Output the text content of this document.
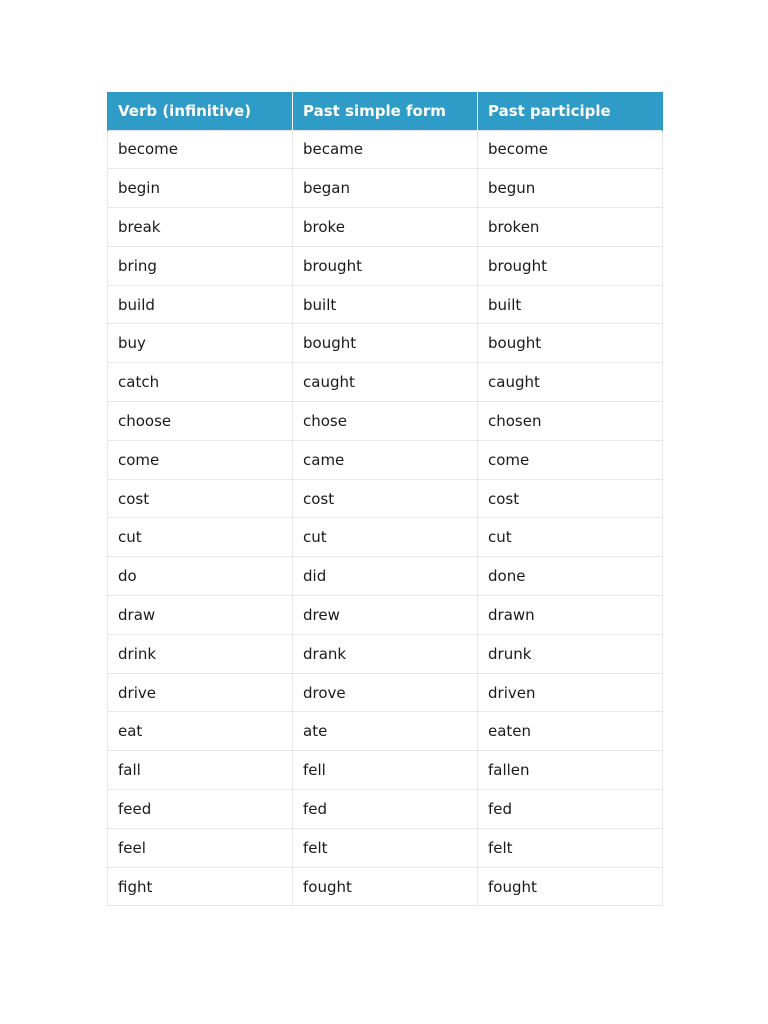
Verb (infinitive)	Past simple form	Past participle
become	became	become
begin	began	begun
break	broke	broken
bring	brought	brought
build	built	built
buy	bought	bought
catch	caught	caught
choose	chose	chosen
come	came	come
cost	cost	cost
cut	cut	cut
do	did	done
draw	drew	drawn
drink	drank	drunk
drive	drove	driven
eat	ate	eaten
fall	fell	fallen
feed	fed	fed
feel	felt	felt
fight	fought	fought
